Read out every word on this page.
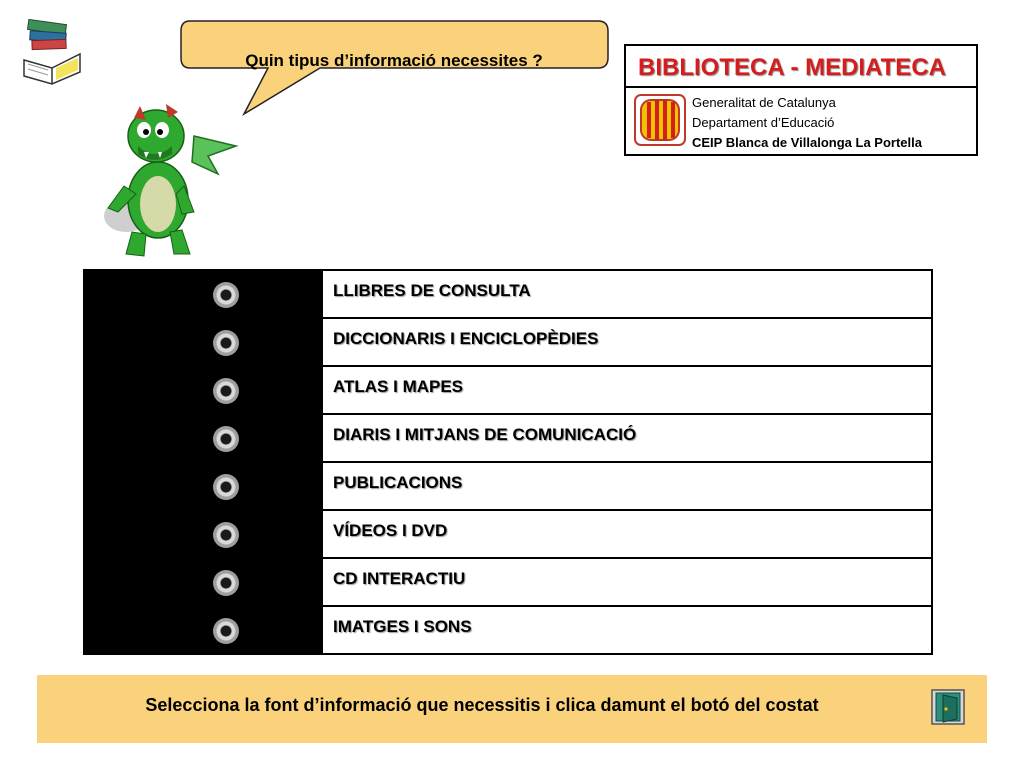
Quin tipus d’informació necessites ?	BIBLIOTECA - MEDIATECA
Generalitat de Catalunya
Departament d’Educació
CEIP Blanca de Villalonga La Portella
LLIBRES DE CONSULTA
DICCIONARIS I ENCICLOPÈDIES
ATLAS I MAPES
DIARIS I MITJANS DE COMUNICACIÓ
PUBLICACIONS
VÍDEOS I DVD
CD INTERACTIU
IMATGES I SONS
Selecciona la font d’informació que necessitis i clica damunt el botó del costat
